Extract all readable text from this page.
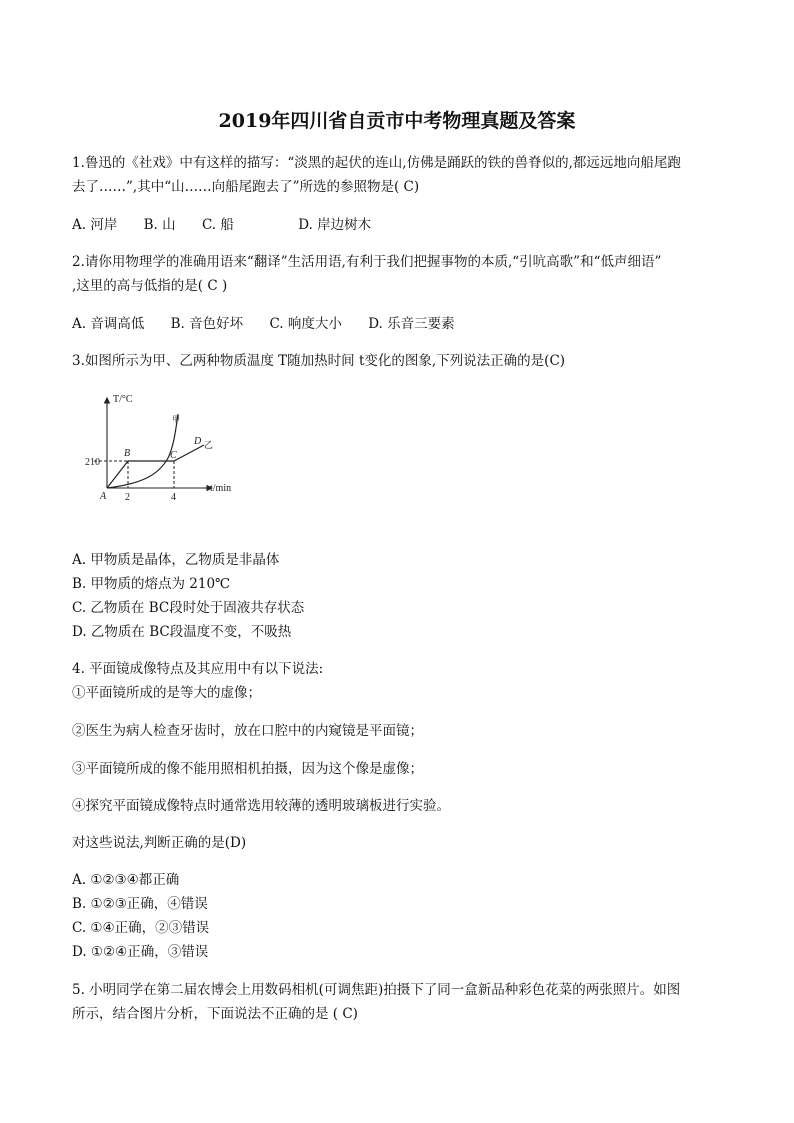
2019年四川省自贡市中考物理真题及答案
1.鲁迅的《社戏》中有这样的描写：“淡黑的起伏的连山,仿佛是踊跃的铁的兽脊似的,都远远地向船尾跑
去了……”,其中“山……向船尾跑去了”所选的参照物是( C)
A. 河岸 B. 山 C. 船	D. 岸边树木
2.请你用物理学的准确用语来“翻译”生活用语,有利于我们把握事物的本质,“引吭高歌”和“低声细语”
,这里的高与低指的是( C )
A. 音调高低 B. 音色好坏 C. 响度大小 D. 乐音三要素
3.如图所示为甲、乙两种物质温度 T随加热时间 t变化的图象,下列说法正确的是(C)
T/°C
t/min
210
2	4
A
B	C
D
甲
乙
A. 甲物质是晶体，乙物质是非晶体
B. 甲物质的熔点为 210℃
C. 乙物质在 BC段时处于固液共存状态
D. 乙物质在 BC段温度不变，不吸热
4. 平面镜成像特点及其应用中有以下说法:
①平面镜所成的是等大的虚像；
②医生为病人检查牙齿时，放在口腔中的内窥镜是平面镜；
③平面镜所成的像不能用照相机拍摄，因为这个像是虚像；
④探究平面镜成像特点时通常选用较薄的透明玻璃板进行实验。
对这些说法,判断正确的是(D)
A. ①②③④都正确
B. ①②③正确，④错误
C. ①④正确，②③错误
D. ①②④正确，③错误
5. 小明同学在第二届农博会上用数码相机(可调焦距)拍摄下了同一盒新品种彩色花菜的两张照片。如图
所示，结合图片分析，下面说法不正确的是 ( C)
